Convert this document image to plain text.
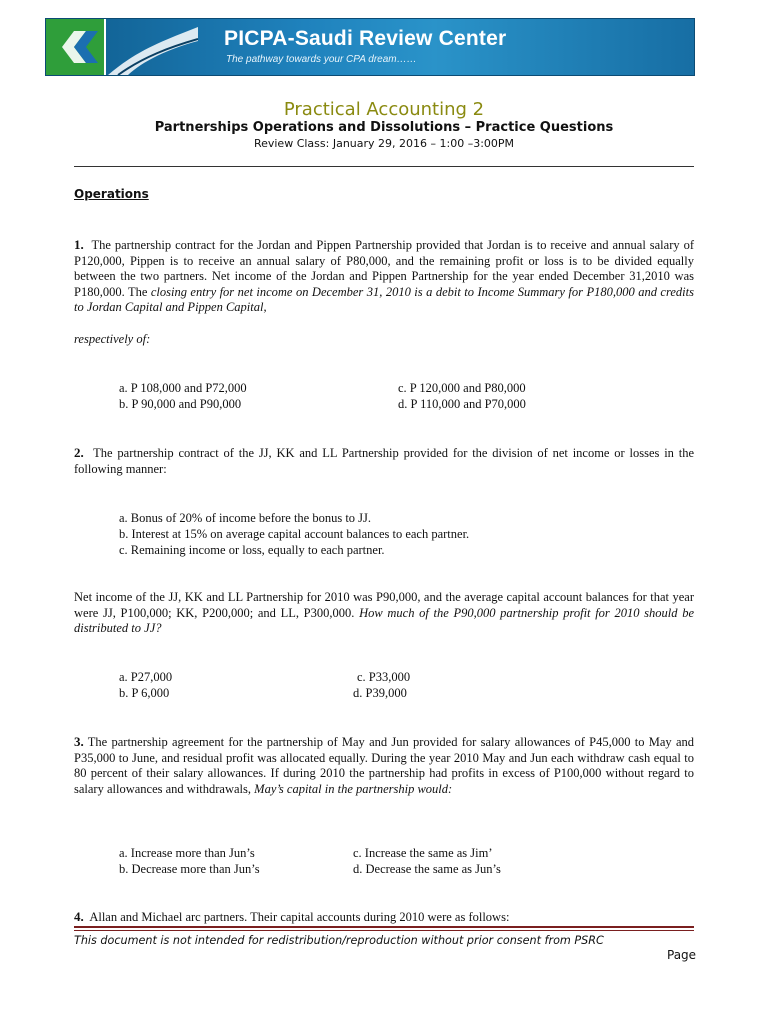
PICPA-Saudi Review Center
The pathway towards your CPA dream……
Practical Accounting 2
Partnerships Operations and Dissolutions – Practice Questions
Review Class: January 29, 2016 – 1:00 –3:00PM
Operations
1. The partnership contract for the Jordan and Pippen Partnership provided that Jordan is to receive and annual salary of P120,000, Pippen is to receive an annual salary of P80,000, and the remaining profit or loss is to be divided equally between the two partners. Net income of the Jordan and Pippen Partnership for the year ended December 31,2010 was P180,000. The closing entry for net income on December 31, 2010 is a debit to Income Summary for P180,000 and credits to Jordan Capital and Pippen Capital,
respectively of:
a. P 108,000 and P72,000	c. P 120,000 and P80,000
b. P 90,000 and P90,000	d. P 110,000 and P70,000
2. The partnership contract of the JJ, KK and LL Partnership provided for the division of net income or losses in the following manner:
a. Bonus of 20% of income before the bonus to JJ.
b. Interest at 15% on average capital account balances to each partner.
c. Remaining income or loss, equally to each partner.
Net income of the JJ, KK and LL Partnership for 2010 was P90,000, and the average capital account balances for that year were JJ, P100,000; KK, P200,000; and LL, P300,000. How much of the P90,000 partnership profit for 2010 should be distributed to JJ?
a. P27,000	c. P33,000
b. P 6,000	d. P39,000
3. The partnership agreement for the partnership of May and Jun provided for salary allowances of P45,000 to May and P35,000 to June, and residual profit was allocated equally. During the year 2010 May and Jun each withdraw cash equal to 80 percent of their salary allowances. If during 2010 the partnership had profits in excess of P100,000 without regard to salary allowances and withdrawals, May’s capital in the partnership would:
a. Increase more than Jun’s	c. Increase the same as Jim’
b. Decrease more than Jun’s	d. Decrease the same as Jun’s
4. Allan and Michael arc partners. Their capital accounts during 2010 were as follows:
This document is not intended for redistribution/reproduction without prior consent from PSRC
Page
